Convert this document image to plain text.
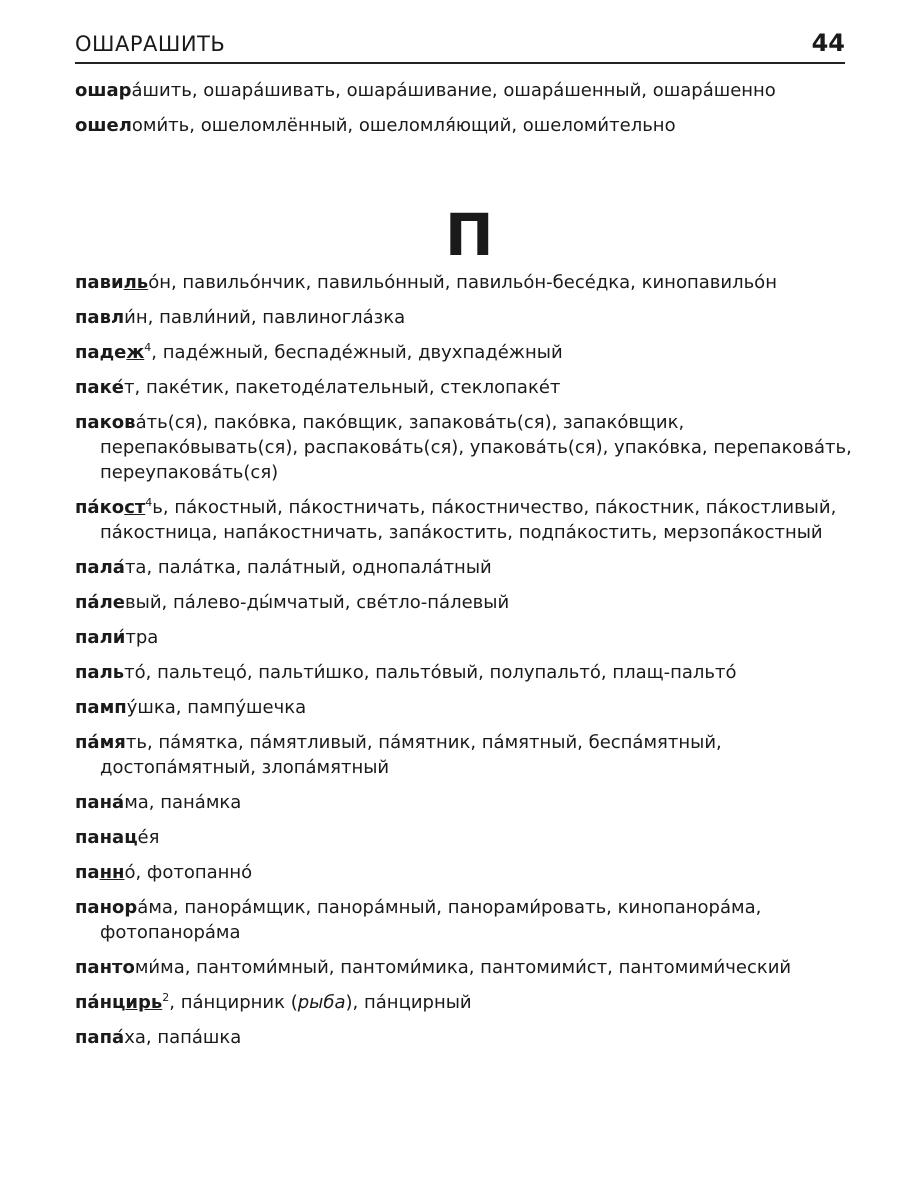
ОШАРАШИТЬ	44
ошара́шить, ошара́шивать, ошара́шивание, ошара́шенный, ошара́шенно
ошеломи́ть, ошеломлённый, ошеломля́ющий, ошеломи́тельно
П
павильо́н, павильо́нчик, павильо́нный, павильо́н-бесе́дка, кинопавильо́н
павли́н, павли́ний, павлиногла́зка
падеж$^4$, паде́жный, беспаде́жный, двухпаде́жный
паке́т, паке́тик, пакетоде́лательный, стеклопаке́т
пакова́ть(ся), пако́вка, пако́вщик, запакова́ть(ся), запако́вщик, перепако́вывать(ся), распакова́ть(ся), упакова́ть(ся), упако́вка, перепакова́ть, переупакова́ть(ся)
па́кост$^4$ь, па́костный, па́костничать, па́костничество, па́костник, па́костливый, па́костница, напа́костничать, запа́костить, подпа́костить, мерзопа́костный
пала́та, пала́тка, пала́тный, однопала́тный
па́левый, па́лево-ды́мчатый, све́тло-па́левый
пали́тра
пальто́, пальтецо́, пальти́шко, пальто́вый, полупальто́, плащ-пальто́
пампу́шка, пампу́шечка
па́мять, па́мятка, па́мятливый, па́мятник, па́мятный, беспа́мятный, достопа́мятный, злопа́мятный
пана́ма, пана́мка
панаце́я
панно́, фотопанно́
панора́ма, панора́мщик, панора́мный, панорами́ровать, кинопанора́ма, фотопанора́ма
пантоми́ма, пантоми́мный, пантоми́мика, пантомими́ст, пантомими́ческий
па́нцирь$^2$, па́нцирник (рыба), па́нцирный
папа́ха, папа́шка
